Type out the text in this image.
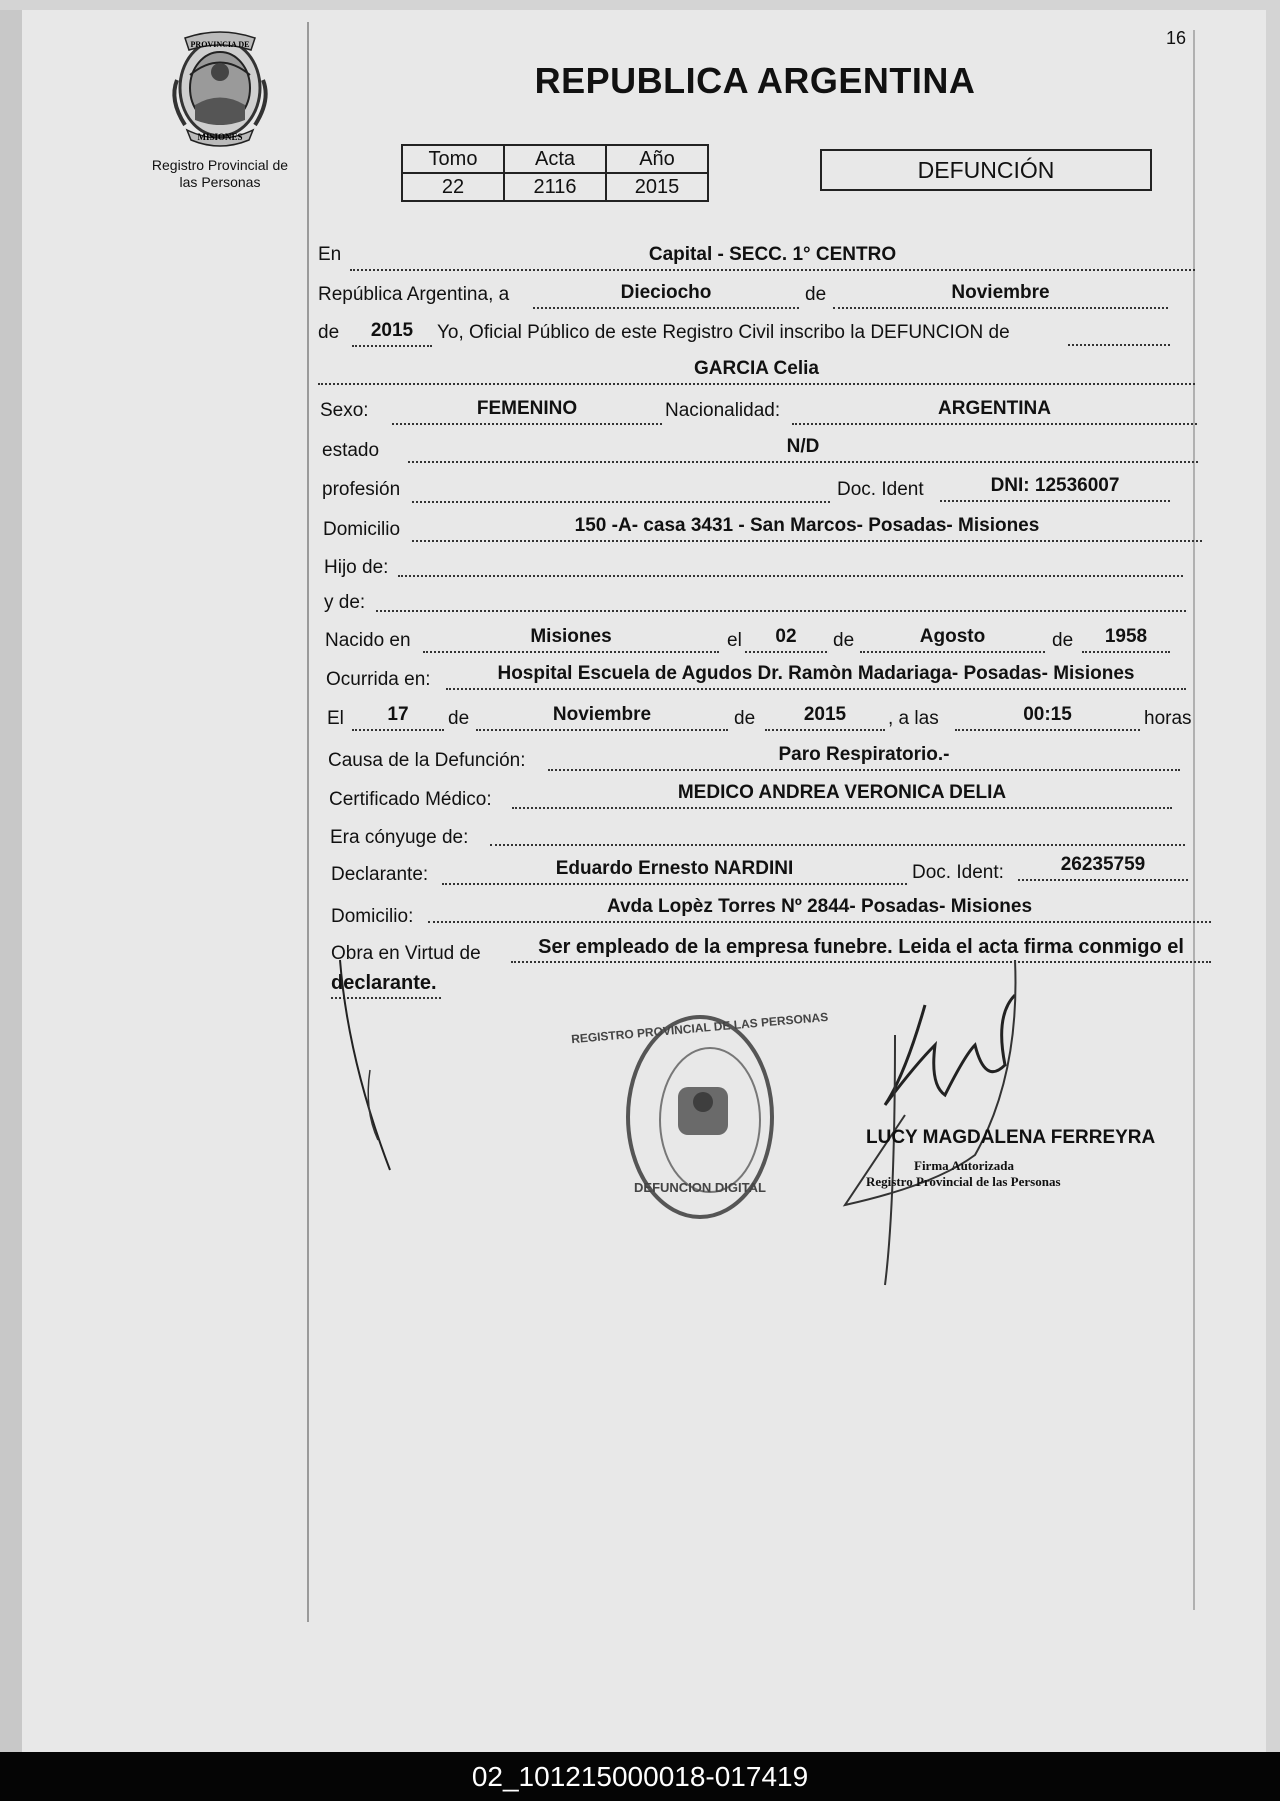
16
PROVINCIA DE
MISIONES
Registro Provincial de
las Personas
REPUBLICA ARGENTINA
Tomo	Acta	Año
22	2116	2015
DEFUNCIÓN
En	Capital - SECC. 1° CENTRO
República Argentina, a	Dieciocho	de	Noviembre
de	2015	Yo, Oficial Público de este Registro Civil inscribo la DEFUNCION de
GARCIA Celia
Sexo:	FEMENINO	Nacionalidad:	ARGENTINA
estado	N/D
profesión	Doc. Ident	DNI: 12536007
Domicilio	150 -A- casa 3431 - San Marcos- Posadas- Misiones
Hijo de:
y de:
Nacido en	Misiones	el	02	de	Agosto	de	1958
Ocurrida en:	Hospital Escuela de Agudos Dr. Ramòn Madariaga- Posadas- Misiones
El	17	de	Noviembre	de	2015	, a las	00:15	horas
Causa de la Defunción:	Paro Respiratorio.-
Certificado Médico:	MEDICO ANDREA VERONICA DELIA
Era cónyuge de:
Declarante:	Eduardo Ernesto NARDINI	Doc. Ident:	26235759
Domicilio:	Avda Lopèz Torres Nº 2844- Posadas- Misiones
Obra en Virtud de	Ser empleado de la empresa funebre. Leida el acta firma conmigo el
declarante.
REGISTRO PROVINCIAL DE LAS PERSONAS
DEFUNCION DIGITAL
LUCY MAGDALENA FERREYRA
Firma Autorizada
Registro Provincial de las Personas
02_101215000018-017419
